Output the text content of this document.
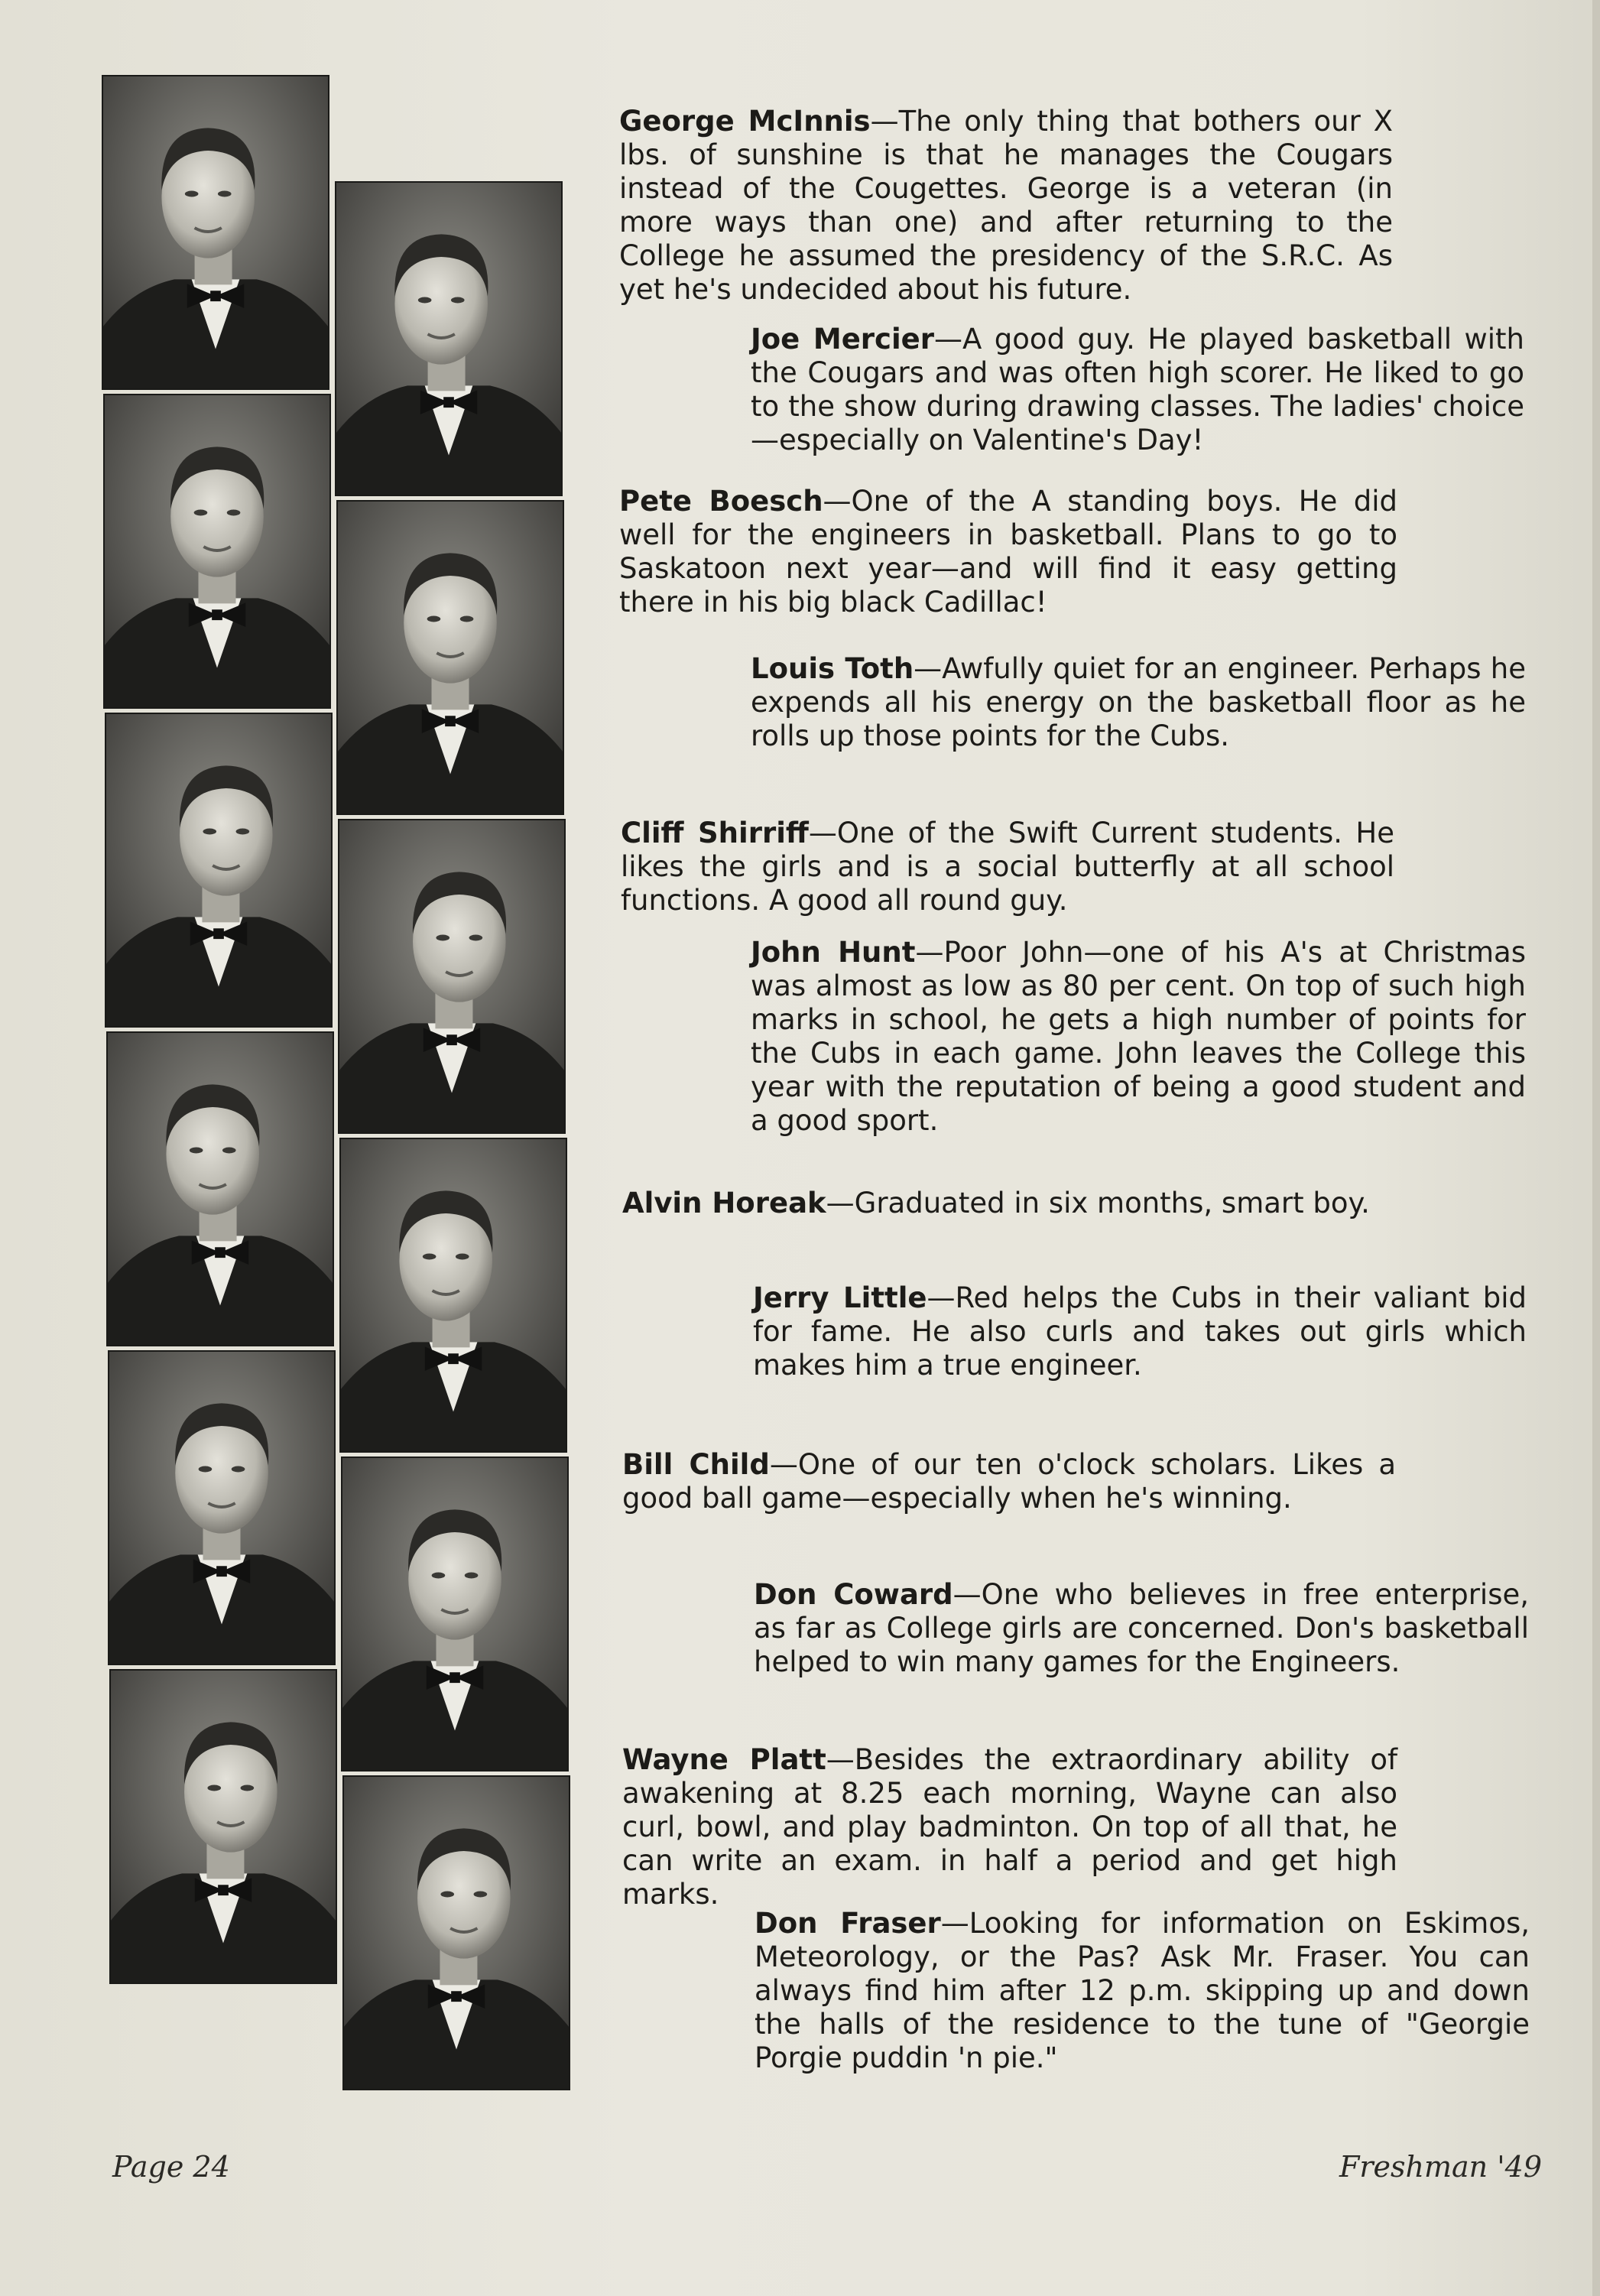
George McInnis—The only thing that bothers our X lbs. of sunshine is that he manages the Cougars instead of the Cougettes. George is a veteran (in more ways than one) and after returning to the College he assumed the presidency of the S.R.C. As yet he's undecided about his future.
Joe Mercier—A good guy. He played basketball with the Cougars and was often high scorer. He liked to go to the show during drawing classes. The ladies' choice—especially on Valentine's Day!
Pete Boesch—One of the A standing boys. He did well for the engineers in basketball. Plans to go to Saskatoon next year—and will find it easy getting there in his big black Cadillac!
Louis Toth—Awfully quiet for an engineer. Perhaps he expends all his energy on the basketball floor as he rolls up those points for the Cubs.
Cliff Shirriff—One of the Swift Current students. He likes the girls and is a social butterfly at all school functions. A good all round guy.
John Hunt—Poor John—one of his A's at Christmas was almost as low as 80 per cent. On top of such high marks in school, he gets a high number of points for the Cubs in each game. John leaves the College this year with the reputation of being a good student and a good sport.
Alvin Horeak—Graduated in six months, smart boy.
Jerry Little—Red helps the Cubs in their valiant bid for fame. He also curls and takes out girls which makes him a true engineer.
Bill Child—One of our ten o'clock scholars. Likes a good ball game—especially when he's winning.
Don Coward—One who believes in free enterprise, as far as College girls are concerned. Don's basketball helped to win many games for the Engineers.
Wayne Platt—Besides the extraordinary ability of awakening at 8.25 each morning, Wayne can also curl, bowl, and play badminton. On top of all that, he can write an exam. in half a period and get high marks.
Don Fraser—Looking for information on Eskimos, Meteorology, or the Pas? Ask Mr. Fraser. You can always find him after 12 p.m. skipping up and down the halls of the residence to the tune of "Georgie Porgie puddin 'n pie."
Page 24	Freshman '49
